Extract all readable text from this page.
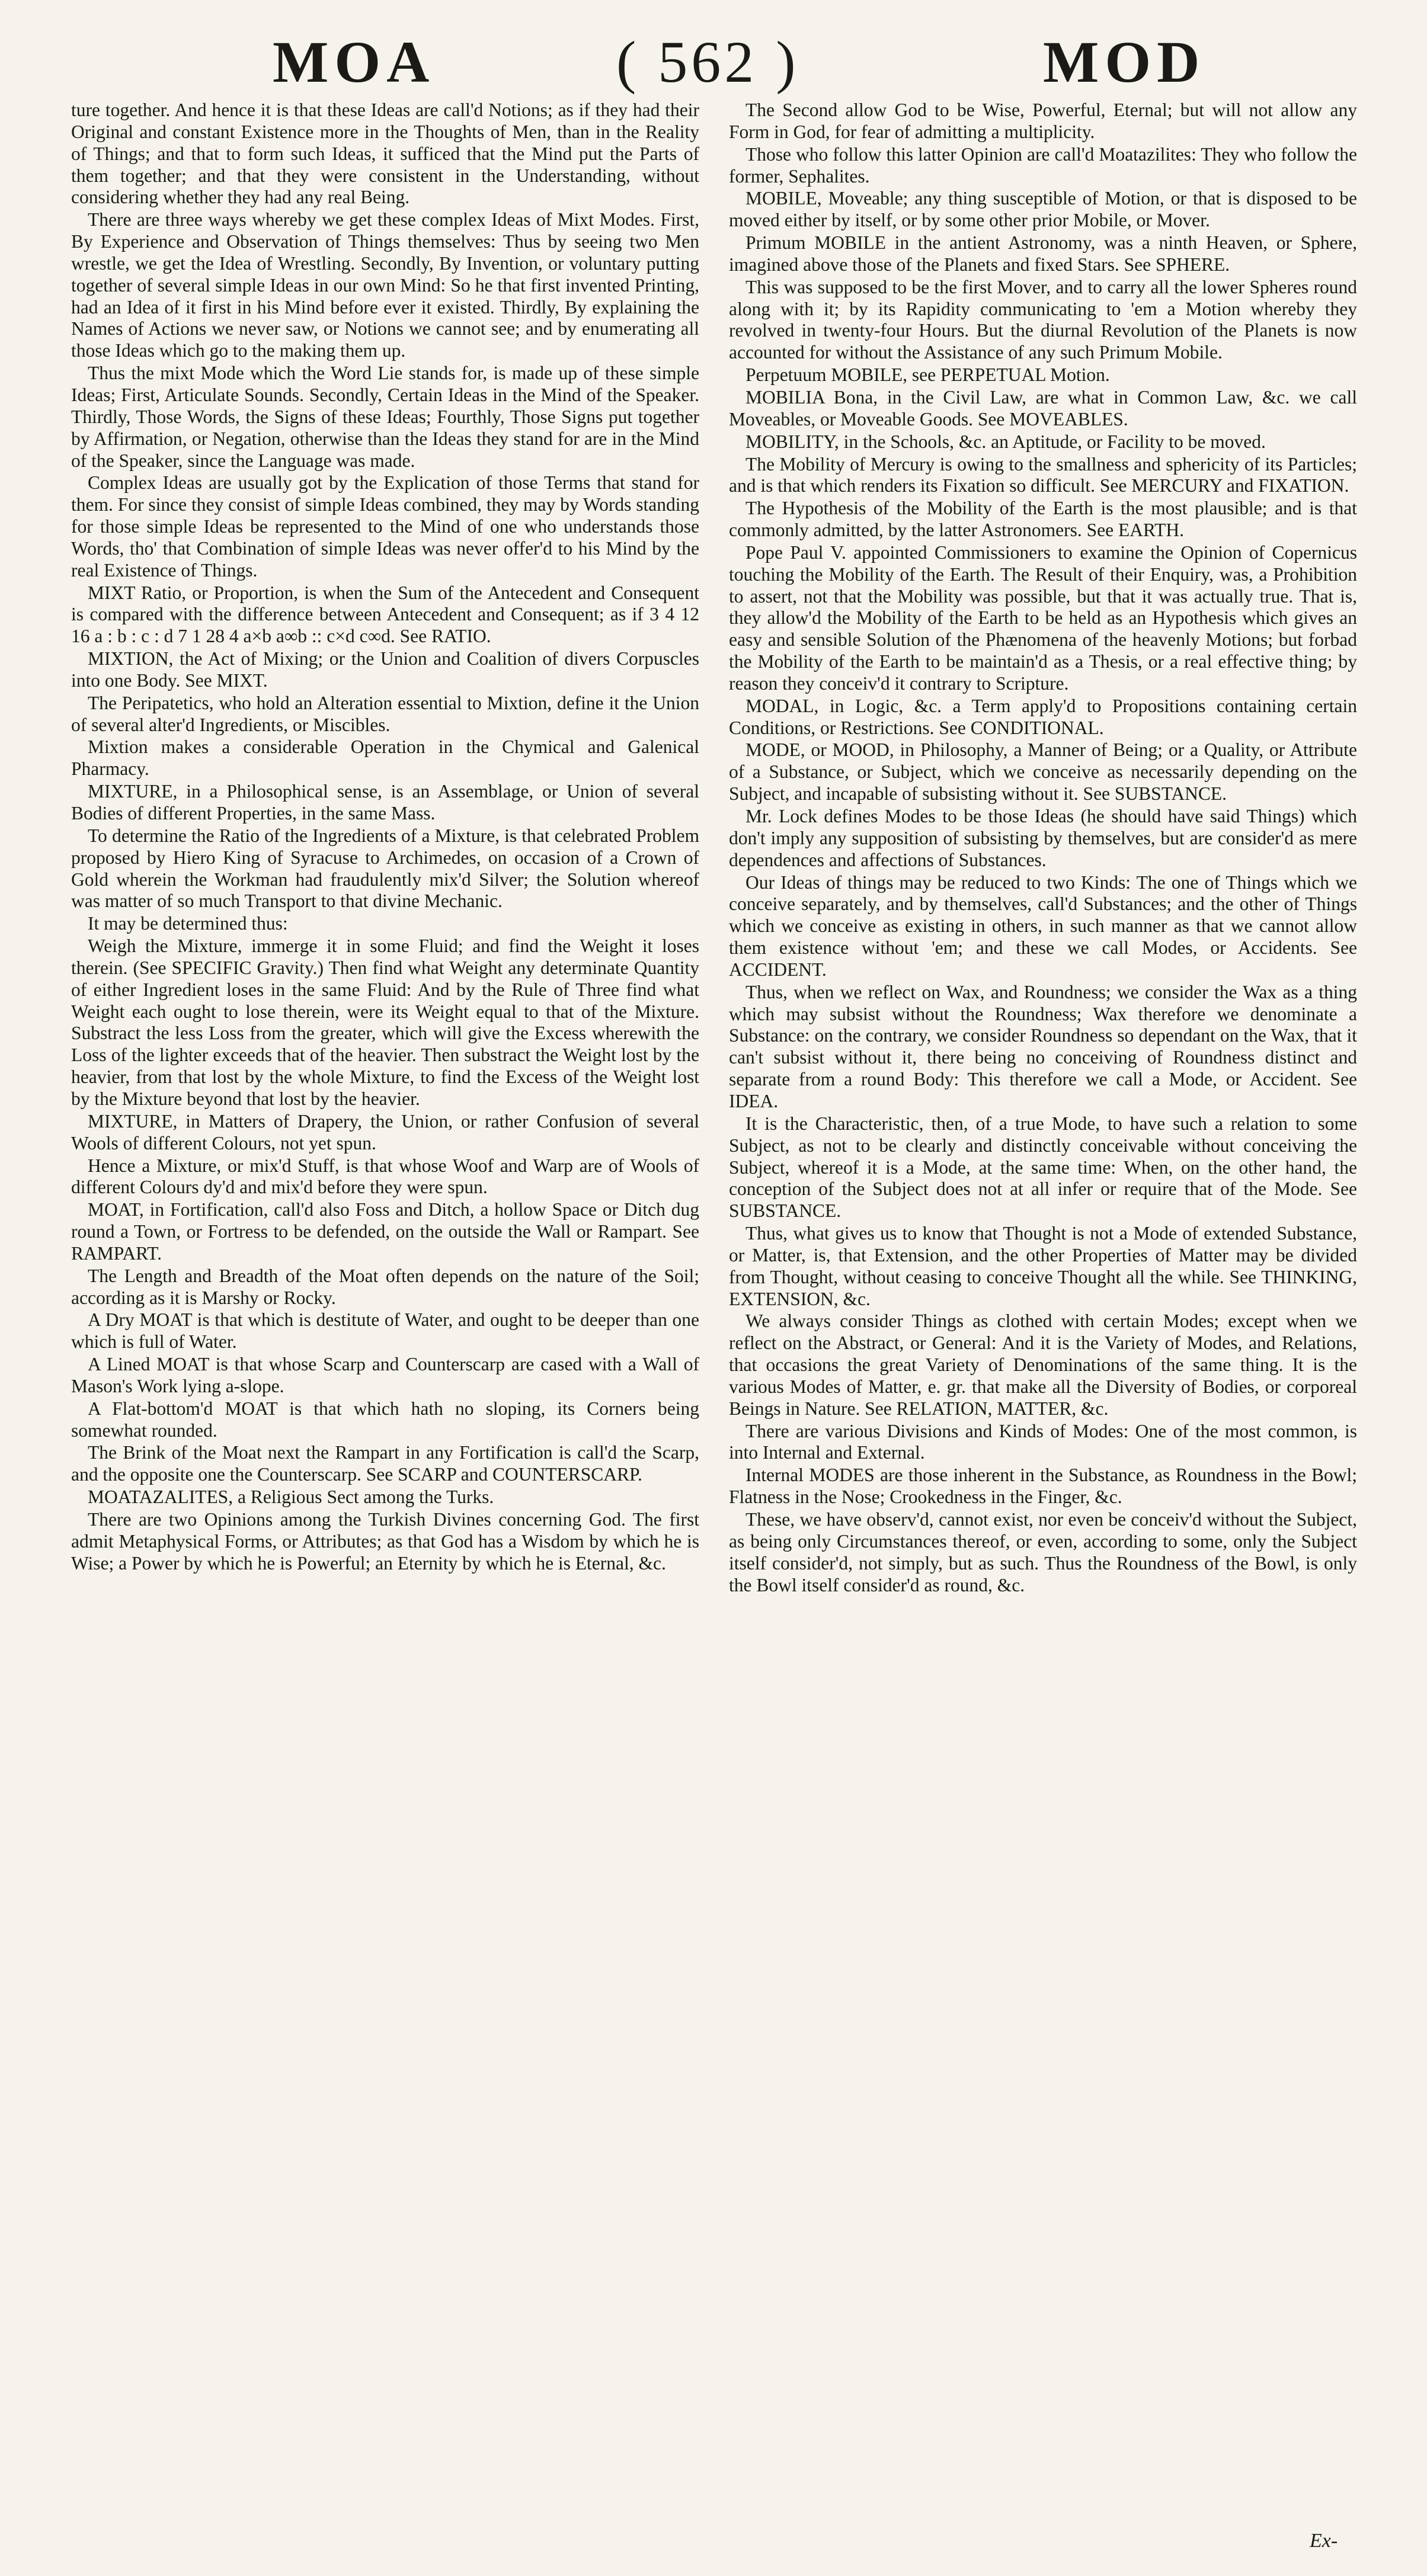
MOA	( 562 )	MOD

ture together. And hence it is that these Ideas are call'd Notions; as if they had their Original and constant Existence more in the Thoughts of Men, than in the Reality of Things; and that to form such Ideas, it sufficed that the Mind put the Parts of them together; and that they were consistent in the Understanding, without considering whether they had any real Being.

There are three ways whereby we get these complex Ideas of Mixt Modes. First, By Experience and Observation of Things themselves: Thus by seeing two Men wrestle, we get the Idea of Wrestling. Secondly, By Invention, or voluntary putting together of several simple Ideas in our own Mind: So he that first invented Printing, had an Idea of it first in his Mind before ever it existed. Thirdly, By explaining the Names of Actions we never saw, or Notions we cannot see; and by enumerating all those Ideas which go to the making them up.

Thus the mixt Mode which the Word Lie stands for, is made up of these simple Ideas; First, Articulate Sounds. Secondly, Certain Ideas in the Mind of the Speaker. Thirdly, Those Words, the Signs of these Ideas; Fourthly, Those Signs put together by Affirmation, or Negation, otherwise than the Ideas they stand for are in the Mind of the Speaker, since the Language was made.

Complex Ideas are usually got by the Explication of those Terms that stand for them. For since they consist of simple Ideas combined, they may by Words standing for those simple Ideas be represented to the Mind of one who understands those Words, tho' that Combination of simple Ideas was never offer'd to his Mind by the real Existence of Things.

MIXT Ratio, or Proportion, is when the Sum of the Antecedent and Consequent is compared with the difference between Antecedent and Consequent; as if 3 4 12 16 a : b : c : d 7 1 28 4 a×b a∞b :: c×d c∞d. See RATIO.

MIXTION, the Act of Mixing; or the Union and Coalition of divers Corpuscles into one Body. See MIXT.

The Peripatetics, who hold an Alteration essential to Mixtion, define it the Union of several alter'd Ingredients, or Miscibles.

Mixtion makes a considerable Operation in the Chymical and Galenical Pharmacy.

MIXTURE, in a Philosophical sense, is an Assemblage, or Union of several Bodies of different Properties, in the same Mass.

To determine the Ratio of the Ingredients of a Mixture, is that celebrated Problem proposed by Hiero King of Syracuse to Archimedes, on occasion of a Crown of Gold wherein the Workman had fraudulently mix'd Silver; the Solution whereof was matter of so much Transport to that divine Mechanic.

It may be determined thus:

Weigh the Mixture, immerge it in some Fluid; and find the Weight it loses therein. (See SPECIFIC Gravity.) Then find what Weight any determinate Quantity of either Ingredient loses in the same Fluid: And by the Rule of Three find what Weight each ought to lose therein, were its Weight equal to that of the Mixture. Substract the less Loss from the greater, which will give the Excess wherewith the Loss of the lighter exceeds that of the heavier. Then substract the Weight lost by the heavier, from that lost by the whole Mixture, to find the Excess of the Weight lost by the Mixture beyond that lost by the heavier.

MIXTURE, in Matters of Drapery, the Union, or rather Confusion of several Wools of different Colours, not yet spun.

Hence a Mixture, or mix'd Stuff, is that whose Woof and Warp are of Wools of different Colours dy'd and mix'd before they were spun.

MOAT, in Fortification, call'd also Foss and Ditch, a hollow Space or Ditch dug round a Town, or Fortress to be defended, on the outside the Wall or Rampart. See RAMPART.

The Length and Breadth of the Moat often depends on the nature of the Soil; according as it is Marshy or Rocky.

A Dry MOAT is that which is destitute of Water, and ought to be deeper than one which is full of Water.

A Lined MOAT is that whose Scarp and Counterscarp are cased with a Wall of Mason's Work lying a-slope.

A Flat-bottom'd MOAT is that which hath no sloping, its Corners being somewhat rounded.

The Brink of the Moat next the Rampart in any Fortification is call'd the Scarp, and the opposite one the Counterscarp. See SCARP and COUNTERSCARP.

MOATAZALITES, a Religious Sect among the Turks.

There are two Opinions among the Turkish Divines concerning God. The first admit Metaphysical Forms, or Attributes; as that God has a Wisdom by which he is Wise; a Power by which he is Powerful; an Eternity by which he is Eternal, &c.

The Second allow God to be Wise, Powerful, Eternal; but will not allow any Form in God, for fear of admitting a multiplicity.

Those who follow this latter Opinion are call'd Moatazilites: They who follow the former, Sephalites.

MOBILE, Moveable; any thing susceptible of Motion, or that is disposed to be moved either by itself, or by some other prior Mobile, or Mover.

Primum MOBILE in the antient Astronomy, was a ninth Heaven, or Sphere, imagined above those of the Planets and fixed Stars. See SPHERE.

This was supposed to be the first Mover, and to carry all the lower Spheres round along with it; by its Rapidity communicating to 'em a Motion whereby they revolved in twenty-four Hours. But the diurnal Revolution of the Planets is now accounted for without the Assistance of any such Primum Mobile.

Perpetuum MOBILE, see PERPETUAL Motion.

MOBILIA Bona, in the Civil Law, are what in Common Law, &c. we call Moveables, or Moveable Goods. See MOVEABLES.

MOBILITY, in the Schools, &c. an Aptitude, or Facility to be moved.

The Mobility of Mercury is owing to the smallness and sphericity of its Particles; and is that which renders its Fixation so difficult. See MERCURY and FIXATION.

The Hypothesis of the Mobility of the Earth is the most plausible; and is that commonly admitted, by the latter Astronomers. See EARTH.

Pope Paul V. appointed Commissioners to examine the Opinion of Copernicus touching the Mobility of the Earth. The Result of their Enquiry, was, a Prohibition to assert, not that the Mobility was possible, but that it was actually true. That is, they allow'd the Mobility of the Earth to be held as an Hypothesis which gives an easy and sensible Solution of the Phænomena of the heavenly Motions; but forbad the Mobility of the Earth to be maintain'd as a Thesis, or a real effective thing; by reason they conceiv'd it contrary to Scripture.

MODAL, in Logic, &c. a Term apply'd to Propositions containing certain Conditions, or Restrictions. See CONDITIONAL.

MODE, or MOOD, in Philosophy, a Manner of Being; or a Quality, or Attribute of a Substance, or Subject, which we conceive as necessarily depending on the Subject, and incapable of subsisting without it. See SUBSTANCE.

Mr. Lock defines Modes to be those Ideas (he should have said Things) which don't imply any supposition of subsisting by themselves, but are consider'd as mere dependences and affections of Substances.

Our Ideas of things may be reduced to two Kinds: The one of Things which we conceive separately, and by themselves, call'd Substances; and the other of Things which we conceive as existing in others, in such manner as that we cannot allow them existence without 'em; and these we call Modes, or Accidents. See ACCIDENT.

Thus, when we reflect on Wax, and Roundness; we consider the Wax as a thing which may subsist without the Roundness; Wax therefore we denominate a Substance: on the contrary, we consider Roundness so dependant on the Wax, that it can't subsist without it, there being no conceiving of Roundness distinct and separate from a round Body: This therefore we call a Mode, or Accident. See IDEA.

It is the Characteristic, then, of a true Mode, to have such a relation to some Subject, as not to be clearly and distinctly conceivable without conceiving the Subject, whereof it is a Mode, at the same time: When, on the other hand, the conception of the Subject does not at all infer or require that of the Mode. See SUBSTANCE.

Thus, what gives us to know that Thought is not a Mode of extended Substance, or Matter, is, that Extension, and the other Properties of Matter may be divided from Thought, without ceasing to conceive Thought all the while. See THINKING, EXTENSION, &c.

We always consider Things as clothed with certain Modes; except when we reflect on the Abstract, or General: And it is the Variety of Modes, and Relations, that occasions the great Variety of Denominations of the same thing. It is the various Modes of Matter, e. gr. that make all the Diversity of Bodies, or corporeal Beings in Nature. See RELATION, MATTER, &c.

There are various Divisions and Kinds of Modes: One of the most common, is into Internal and External.

Internal MODES are those inherent in the Substance, as Roundness in the Bowl; Flatness in the Nose; Crookedness in the Finger, &c.

These, we have observ'd, cannot exist, nor even be conceiv'd without the Subject, as being only Circumstances thereof, or even, according to some, only the Subject itself consider'd, not simply, but as such. Thus the Roundness of the Bowl, is only the Bowl itself consider'd as round, &c.

Ex-
